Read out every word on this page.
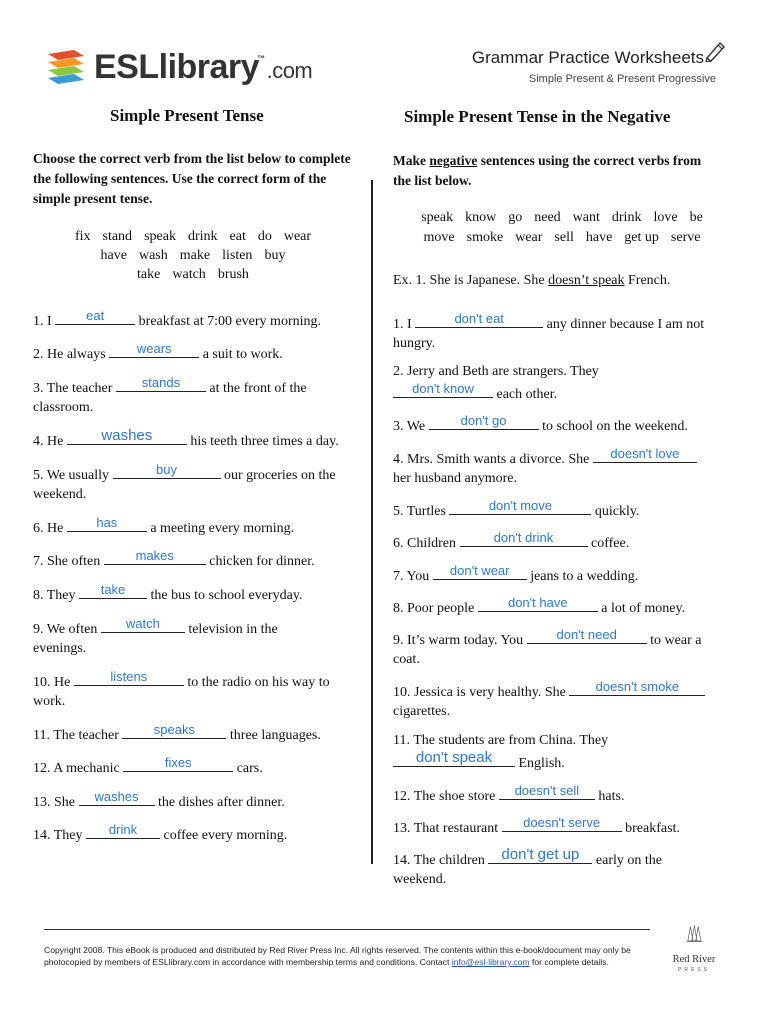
ESLlibrary™.com
Grammar Practice Worksheets
Simple Present & Present Progressive
Simple Present Tense
Choose the correct verb from the list below to complete the following sentences. Use the correct form of the simple present tense.
fix stand speak drink eat do wear
have wash make listen buy
take watch brush
1. I	eat	breakfast at 7:00 every morning.
2. He always	wears	a suit to work.
3. The teacher	stands	at the front of the
classroom.
4. He	washes	his teeth three times a day.
5. We usually	buy	our groceries on the
weekend.
6. He	has	a meeting every morning.
7. She often	makes	chicken for dinner.
8. They	take	the bus to school everyday.
9. We often	watch	television in the
evenings.
10. He	listens	to the radio on his way to
work.
11. The teacher	speaks	three languages.
12. A mechanic	fixes	cars.
13. She	washes	the dishes after dinner.
14. They	drink	coffee every morning.
Simple Present Tense in the Negative
Make negative sentences using the correct verbs from the list below.
speak know go need want drink love be
move smoke wear sell have get up serve
Ex. 1. She is Japanese. She doesn’t speak French.
1. I	don't eat	any dinner because I am not
hungry.
2. Jerry and Beth are strangers. They

don't know	each other.
3. We	don't go	to school on the weekend.
4. Mrs. Smith wants a divorce. She	doesn't love

her husband anymore.
5. Turtles	don't move	quickly.
6. Children	don't drink	coffee.
7. You	don't wear	jeans to a wedding.
8. Poor people	don't have	a lot of money.
9. It’s warm today. You	don't need	to wear a
coat.
10. Jessica is very healthy. She	doesn't smoke

cigarettes.
11. The students are from China. They

don't speak	English.
12. The shoe store	doesn't sell	hats.
13. That restaurant	doesn't serve	breakfast.
14. The children	don't get up	early on the
weekend.
Copyright 2008. This eBook is produced and distributed by Red River Press Inc. All rights reserved. The contents within this e-book/document may only be photocopied by members of ESLlibrary.com in accordance with membership terms and conditions. Contact info@esl-library.com for complete details.	Red River
PRESS
